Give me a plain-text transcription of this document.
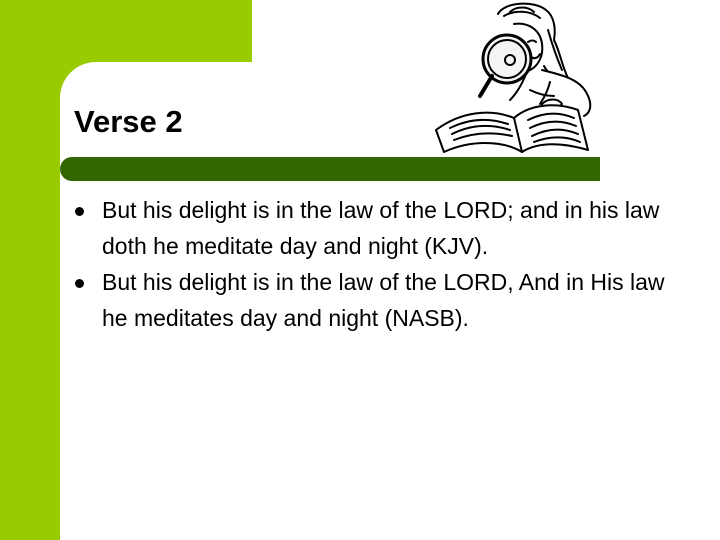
Verse 2
But his delight is in the law of the LORD; and in his law doth he meditate day and night (KJV).
But his delight is in the law of the LORD, And in His law he meditates day and night (NASB).
